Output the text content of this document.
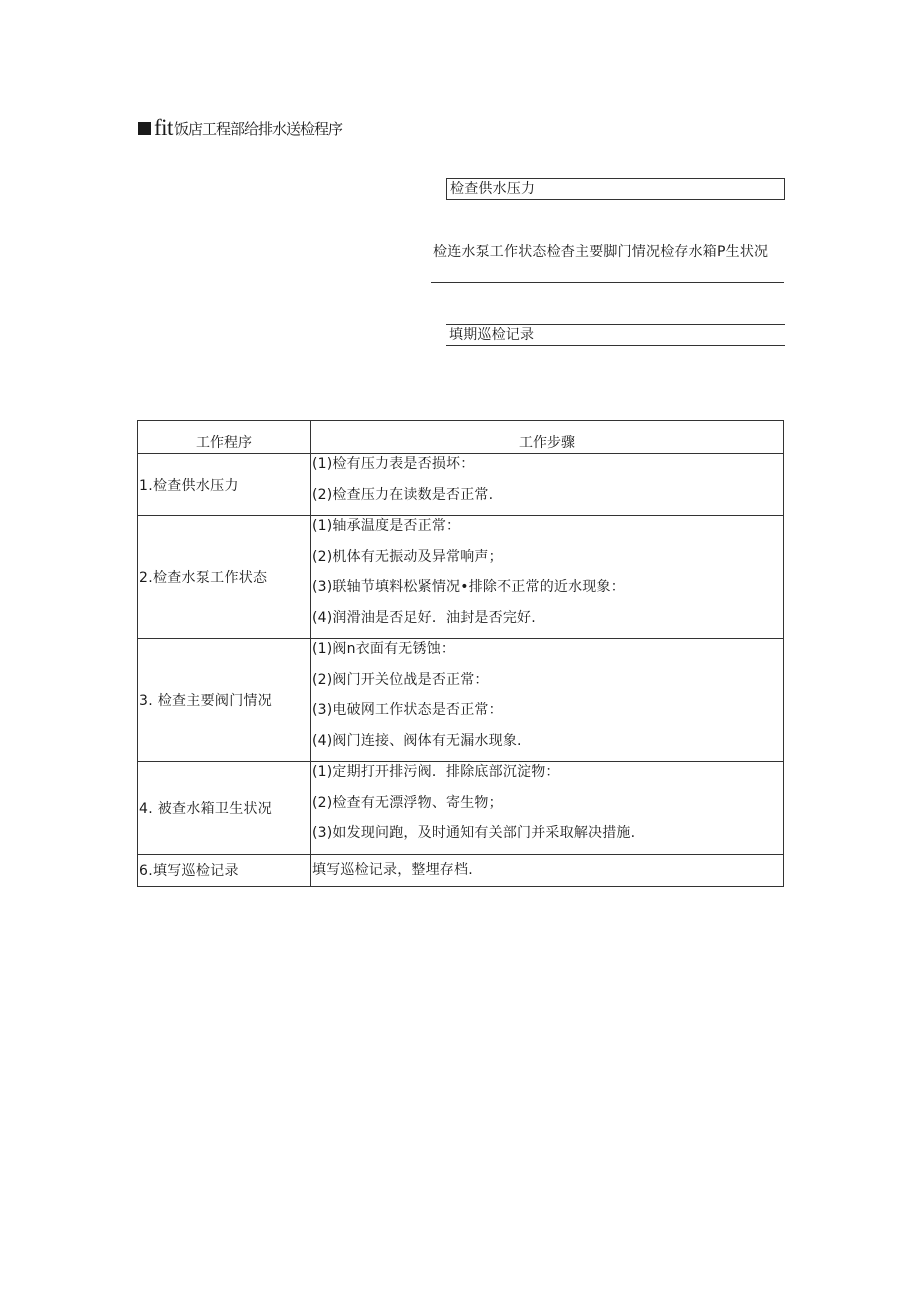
fit 饭店工程部给排水送检程序
检查供水压力
检连水泵工作状态检杳主要脚门情况检存水箱P生状况
填期巡检记录
工作程序	工作步骤
1.检查供水压力	(1)检有压力表是否损坏：
(2)检查压力在读数是否正常.

2.检查水泵工作状态	(1)轴承温度是否正常：
(2)机体有无振动及异常响声；
(3)联轴节填料松紧情况•排除不正常的近水现象：
(4)润滑油是否足好．油封是否完好.

3. 检查主要阀门情况	(1)阀n衣面有无锈蚀：
(2)阀门开关位战是否正常：
(3)电破网工作状态是否正常：
(4)阀门连接、阀体有无漏水现象.

4. 被查水箱卫生状况	(1)定期打开排污阀．排除底部沉淀物：
(2)检查有无漂浮物、寄生物；
(3)如发现问跑，及时通知有关部门并采取解决措施.

6.填写巡检记录	填写巡检记录，整埋存档.
